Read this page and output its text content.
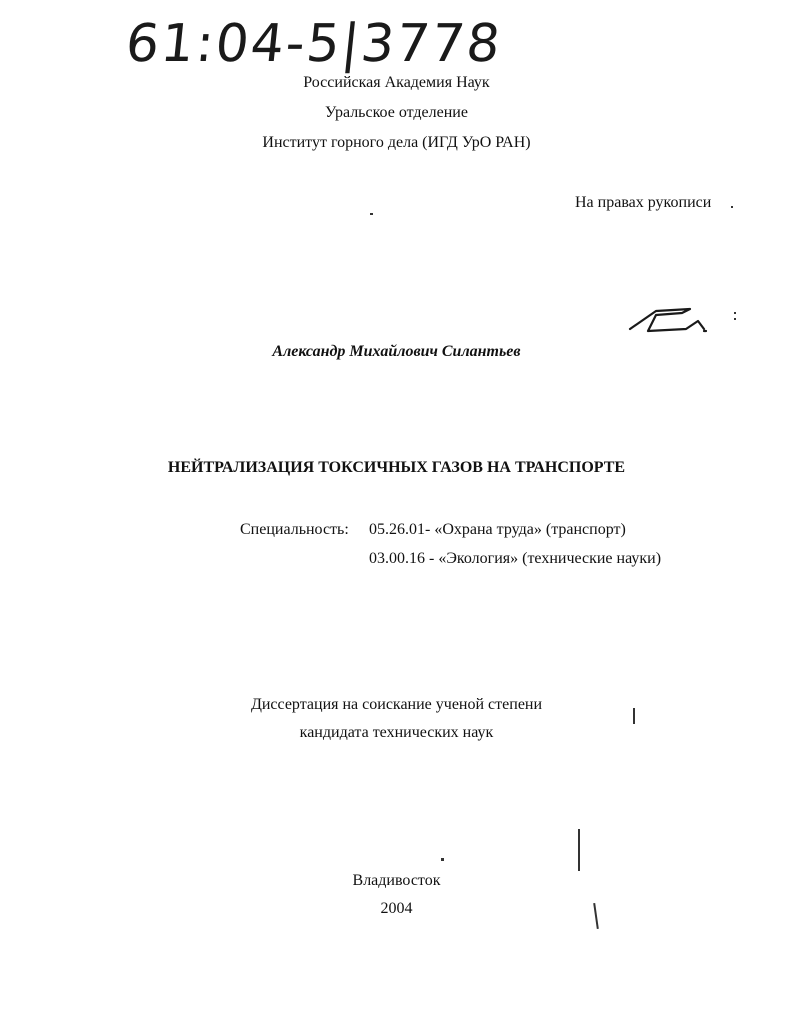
61:04-5|3778
Российская Академия Наук
Уральское отделение
Институт горного дела (ИГД УрО РАН)
На правах рукописи
Александр Михайлович Силантьев
НЕЙТРАЛИЗАЦИЯ ТОКСИЧНЫХ ГАЗОВ НА ТРАНСПОРТЕ
Специальность: 05.26.01- «Охрана труда» (транспорт)
03.00.16 - «Экология» (технические науки)
Диссертация на соискание ученой степени
кандидата технических наук
Владивосток
2004
